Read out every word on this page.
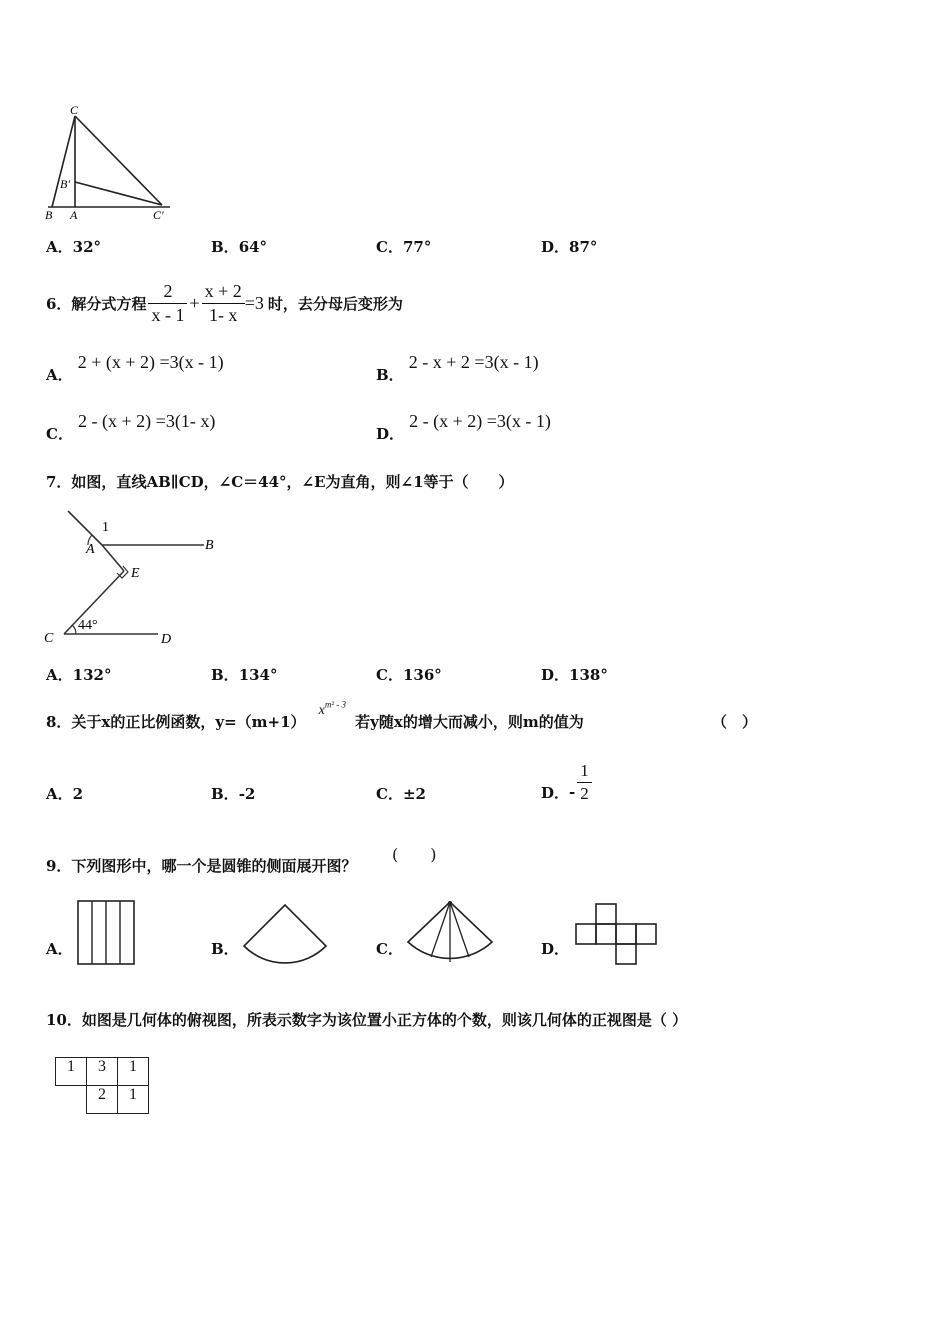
C
B'
B A	C'
A．32°	B．64°	C．77°	D．87°
6．解分式方程 $\frac{2}{x - 1} + \frac{x + 2}{1- x} =3$ 时，去分母后变形为
A． 2 + (x + 2) =3(x - 1)
B． 2 - x + 2 =3(x - 1)
C． 2 - (x + 2) =3(1- x)
D． 2 - (x + 2) =3(x - 1)
7．如图，直线AB∥CD，∠C＝44°，∠E为直角，则∠1等于（　　）
1
A	B
E
C
44°
D
A．132°	B．134°	C．136°	D．138°
8．关于x的正比例函数，y=（m+1） $x^{m^2 - 3}$ 若y随x的增大而减小，则m的值为	（　）
A．2	B．-2	C．±2	D． - $\frac{1}{2}$
9．下列图形中，哪一个是圆锥的侧面展开图？
(　　)
A．	B．	C．	D．
10．如图是几何体的俯视图，所表示数字为该位置小正方体的个数，则该几何体的正视图是（ ）
1	3	1
	2	1
